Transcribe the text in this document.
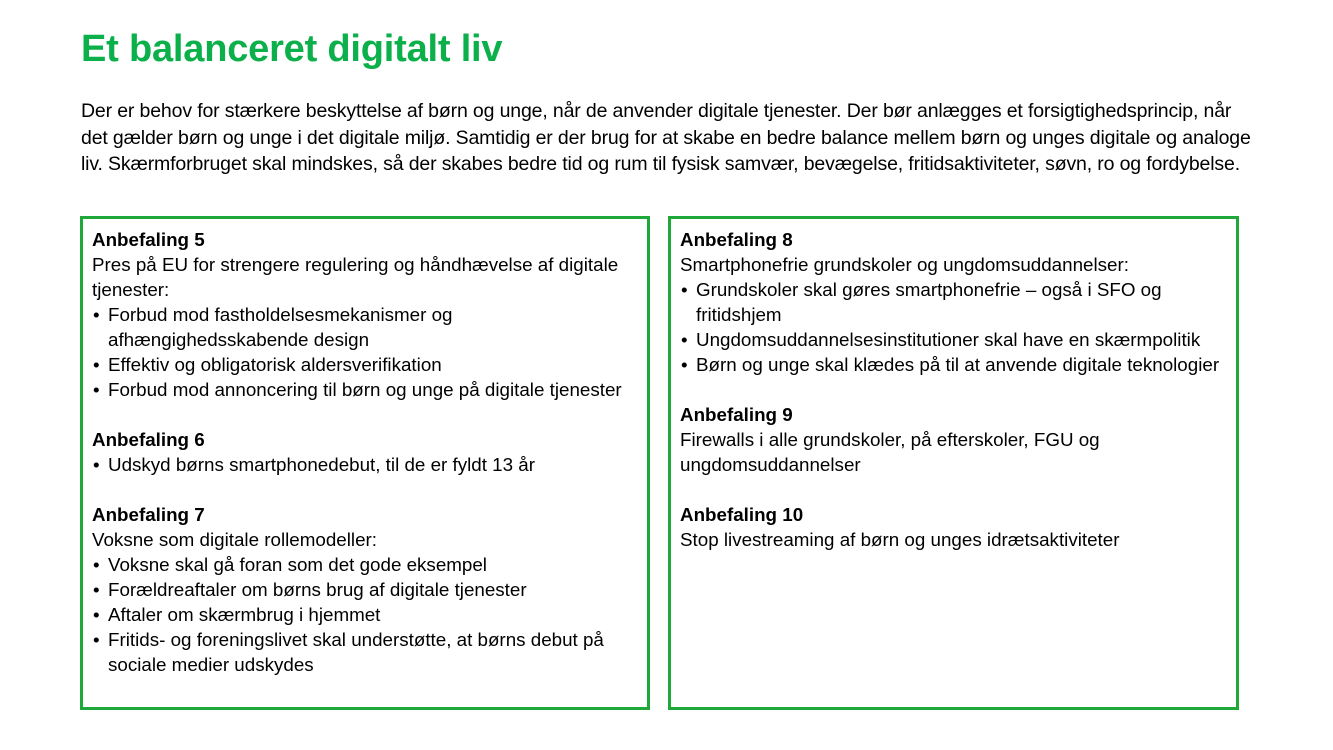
Et balanceret digitalt liv

Der er behov for stærkere beskyttelse af børn og unge, når de anvender digitale tjenester. Der bør anlægges et forsigtighedsprincip, når det gælder børn og unge i det digitale miljø. Samtidig er der brug for at skabe en bedre balance mellem børn og unges digitale og analoge liv. Skærmforbruget skal mindskes, så der skabes bedre tid og rum til fysisk samvær, bevægelse, fritidsaktiviteter, søvn, ro og fordybelse.

Anbefaling 5
Pres på EU for strengere regulering og håndhævelse af digitale tjenester:
• Forbud mod fastholdelsesmekanismer og afhængighedsskabende design
• Effektiv og obligatorisk aldersverifikation
• Forbud mod annoncering til børn og unge på digitale tjenester
Anbefaling 6
• Udskyd børns smartphonedebut, til de er fyldt 13 år
Anbefaling 7
Voksne som digitale rollemodeller:
• Voksne skal gå foran som det gode eksempel
• Forældreaftaler om børns brug af digitale tjenester
• Aftaler om skærmbrug i hjemmet
• Fritids- og foreningslivet skal understøtte, at børns debut på sociale medier udskydes
Anbefaling 8
Smartphonefrie grundskoler og ungdomsuddannelser:
• Grundskoler skal gøres smartphonefrie – også i SFO og fritidshjem
• Ungdomsuddannelsesinstitutioner skal have en skærmpolitik
• Børn og unge skal klædes på til at anvende digitale teknologier
Anbefaling 9
Firewalls i alle grundskoler, på efterskoler, FGU og ungdomsuddannelser
Anbefaling 10
Stop livestreaming af børn og unges idrætsaktiviteter
